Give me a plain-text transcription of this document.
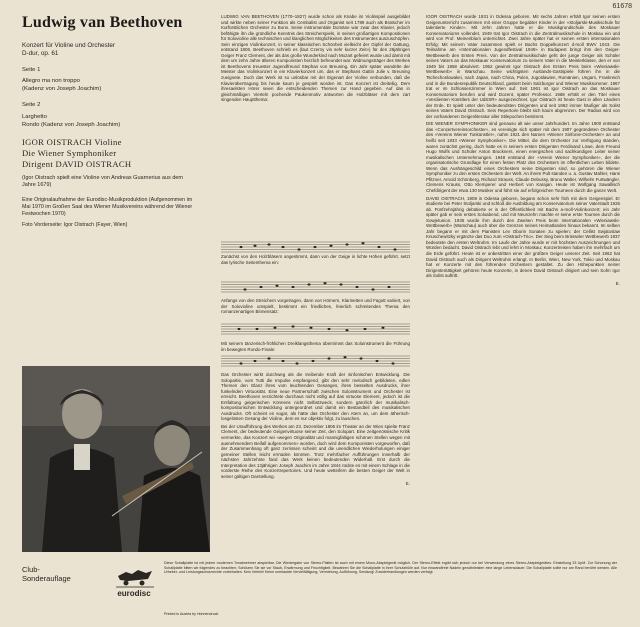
61678
Ludwig van Beethoven
Konzert für Violine und Orchester
D-dur, op. 61
Seite 1
Allegro ma non troppo
(Kadenz von Joseph Joachim)
Seite 2
Larghetto
Rondo (Kadenz von Joseph Joachim)
IGOR OISTRACH Violine
Die Wiener Symphoniker
Dirigent DAVID OISTRACH
(Igor Oistrach spielt eine Violine von Andreas Guarnerius aus dem Jahre 1679)
Eine Originalaufnahme der Eurodisc-Musikproduktion (Aufgenommen im Mai 1970 im Großen Saal des Wiener Musikvereins während der Wiener Festwochen 1970)
Foto Vorderseite: Igor Oistrach (Fayer, Wien)
LUDWIG VAN BEETHOVEN (1770–1827) wurde schon als Knabe im Violinspiel ausgebildet und wirkte neben seiner Funktion als Cembalist und Organist seit 1789 auch als Bratscher im Kurfürstlichen Orchester zu Bonn. Seine instrumentale Domäne war zwar das Klavier, jedoch befähigte ihn die gründliche Kenntnis des Streicherspiels, in seinen großartigen Kompositionen für Soloviolinе alle technischen und klanglichen Möglichkeiten des Instrumentes auszuschöpfen. Sein einziges Violinkonzert, in seiner klassischen Schönheit vielleicht der Gipfel der Gattung, entstand 1806. Beethoven schrieb es (laut Czerny vin sehr kurzer Zeit») für den 26jährigen Geiger Franz Clement, der als das große Wunderkind nach Mozart gefeiert wurde und damit mit dem um zehn Jahre älteren Komponisten herzlich befreundet war. Widmungsträger des Werkes ist Beethovens treuester Jugendfreund Stephan von Breuning. Ein Jahr später wandelte der Meister das Violinkonzert in ein Klavierkonzert um, das er Stephans Gattin Julie v. Breuning zueignete. Doch das Werk ist so unlösbar mit der Eigenart der Violine verbunden, daß die Klavierübertragung bis heute kaum je gespielt worden ist. Das Konzert ist dreiteilig. Dem ihresaelsten Hörer seien die entscheidenden Themen zur Hand gegeben. Auf das in gleichmäßigen Vierteln pochende Paukenmotiv antworten die Holzbläser mit dem zart singenden Hauptthema:
Zunächst von den Holzbläsern angestimmt, dann von der Geige in lichte Höhen geführt, setzt das lyrische Seitenthema ein:
Anfangs von den Streichern vorgetragen, dann von Hörnern, Klarinetten und Fagott variiert, von der Soloviolinе umspielt, bestimmt ein friedliches, feierlich schreitendes Thema den romanzenartigen Binnensatz:
Mit seinem tänzerisch-fröhlichen Dreiklangsthema übernimmt das Soloinstrument die Führung im bewegten Rondo-Finale:

Das Orchester wirkt durchweg als die treibende Kraft der sinfonischen Entwicklung. Die Solopartie, vom Tutti die Impulse empfangend, gibt den sehr melodisch gebildeten, edlen Themen den Glanz ihres vom leuchtenden Gesanges, ihres besselten Ausdrucks, ihrer funkelnden Virtuosität. Eine neue Partnerschaft zwischen Soloinstrument und Orchester ist erreicht. Beethoven verzichtete durchaus nicht völlig auf das virtuose Element, jedoch ist die Entfaltung geigerischen Könnens nicht Selbstzweck, sondern gänzlich der musikalisch-kompositorischen Entwicklung untergeordnet und damit ein Bestandteil des musikalischen Ausdrucks. Oft scheint es sogar, als hätte das Orchester den Atem an, um dem ätherisch-losgelösten Gesang der Violine, dem es nur objektiv folgt, zu lauschen.

Bei der Uraufführung des Werkes am 23. Dezember 1806 im Theater an der Wien spielte Franz Clement, der bedeutende Geigenvirtuose seiner Zeit, den Solopart. Eine zeitgenössische Kritik vermerkte, das Konzert sei «wegen Originalität und mannigfaltigen schönen Stellen wegen mit ausnehmendem Beifall aufgenommen» worden, doch wird dem Komponisten vorgeworfen, daß der Zusammenhang oft ganz zerrissen scheint und die unendlichen Wiederholungen einiger gemeiner Stellen leicht ermüden könnten. Trotz mehrfacher Aufführungen innerhalb der nächsten Jahrzehnte fand das Werk keinen bedeutenden Widerhall. Erst durch die Interpretation des 13jährigen Joseph Joachim im Jahre 1844 rückte es mit einem Schlage in die vorderste Reihe des Konzertrepertoires. Und heute wetteifern die besten Geiger der Welt in seiner gültigen Darstellung.

E.

IGOR OISTRACH wurde 1931 in Odessa geboren. Mit sechs Jahren erhält Igor seinen ersten Geigenunterricht zusammen mit einer Gruppe begabter Kinder in der «Stoljarski-Musikschule für talentierte Kinder». Mit zehn Jahren hatte er die Musikgrundschule des Moskauer Konservatoriums vollendet, 1949 trat Igor Oistrach in die Zentralmusikschule in Moskau ein und wird von Prof. Meinenblum unterrichtet. Zwei Jahre später hat er seinen ersten internationalen Erfolg: Mit seinem Vater zusammen spielt er Bachs Doppelkonzert d-moll BWV 1043. Die Teilnahme am «Internationalen Jugendfestival 1949» in Budapest bringt ihm den Geiger-Wettbewerb den Ersten Preis. Von der Zentralmusikschule geht der junge Geiger als Schüler seines Vaters an das Moskauer Konservatorium zu seinem Vater in die Meisterklasse, den er von 1949 bis 1958 absolviert. 1952 gewinnt Igor Oistrach den Ersten Preis beim «Wieniawski-Wettbewerb» in Warschau. Seine wichtigsten Auslands-Gastspiele führen ihn in die Tschechoslowakei, nach Japan, nach China, Polen, Jugoslawien, Rumänien, Ungarn, Frankreich und in die Bundesrepublik Deutschland, gastiert beim Salzburger und Wiener Musiksommer. 1967 trat er im Schlossenzimmer in Wien auf. Seit 1961 ist Igor Oistrach an das Moskauer Konservatorium berufen und wird Dozent, später Professor. 1968 erhält er den Titel eines «Verdienten Künstlers der UdSSR» ausgezeichnet. Igor Oistrach ist heute Gast in allen Ländern der Erde. Er spielt unter den bedeutendsten Dirigenten und seit 1962 immer häufiger als Solist seines Vaters David Oistrach. Sein Repertoire bleibt sich kaum abgrenzen. Der Radius wird von der vorhandenen Geigenliteratur aller Stilepochen bestimmt.

DIE WIENER SYMPHONIKER sind genauso alt wie unser Jahrhundert. Im Jahre 1900 entstand das «Concertvereinsorchester», es vereinigte sich später mit dem 1907 gegründeten Orchester des «Vereins Wiener Tonkünstler», nahm 1921 den Namen «Wiener Sinfonie-Orchester» an und heißt seit 1933 «Wiener Symphoniker». Die Mittel, die dem Orchester zur Verfügung standen, waren zunächst gering, doch hatte es in seinem ersten Dirigenten Ferdinand Löwe, dem Freund Hugo Wolfs und Schüler Anton Bruckners, einen energischen und sachkundigen Leiter seiner musikalischen Unternehmungen. 1948 entstand der «Verein Wiener Symphoniker», der die organisatorische Grundlage für einen festen Platz des Orchesters im öffentlichen Leben bildete. Wenn das Aushängeschild eines Orchesters seine Dirigenten sind, so gehören die Wiener Symphoniker zu den ersten Orchestern der Welt. An ihrem Pult standen u. a. Gustav Mahler, Hans Pfitzner, Arnold Schönberg, Richard Strauss, Claude Debussy, Bruno Walter, Wilhelm Furtwängler, Clemens Krauss, Otto Klemperer und Herbert von Karajan. Heute ist Wolfgang Sawallisch Chefdirigent der etwa 130 Musiker und führt sie auf erfolgreichen Tourneen durch die ganze Welt.

DAVID OISTRACH, 1908 in Odessa geboren, begann schon sehr früh mit dem Geigenspiel. Er studierte bei Peter Stoljarski und schloß die Ausbildung am Konservatorium seiner Vaterstadt 1926 ab. Fünfzehnjährig debütierte er in der Öffentlichkeit mit Bachs a-moll-Violinkonzert; ein Jahr später gab er sein erstes Soloabend, und mit Neunzehn machte er seine erste Tournee durch die Sowjetunion. 1935 wurde ihm durch den Zweiten Preis beim Internationalen «Wieniawski-Wettbewerb» (Warschau) auch über die Grenzen seines Heimatlandes hinaus bekannt. Im selben Jahr begann er mit dem Pianisten Lev Oborin Sonaten zu spielen; der Cellist Swjatoslaw Knuschewitzky ergänzte das Duo zum «Oistrach-Trio». Der Sieg beim Brüsseler Wettbewerb 1937 bedeutete den ersten Weltruhm. Im Laufe der Jahre wurde er mit höchsten Auszeichnungen und Würden bedacht. David Oistrach lebt und lehrt in Moskau; Konzertreisen haben ihn mehrfach um die Erde geführt. Heute ist er unbestritten einer der größten Geiger unserer Zeit. Seit 1962 hat David Oistrach auch als Dirigent Weltruhm erlangt. In Berlin, Wien, New York, Tokio und Moskau hat er Konzerte mit den führenden Orchestern gestaltet. Zu den Höhepunkten seiner Dirigententätigkeit gehören heute Konzerte, in denen David Oistrach dirigiert und sein Sohn Igor als Solist auftritt.

E.

Club-
Sonderauflage
eurodisc
Diese Schallplatte ist mit jedem modernen Tonabnehmer abspielbar. Die Wiedergabe von Stereo-Platten ist auch mit einem Mono-Abspielgerät möglich. Der Stereo-Effekt ergibt sich jedoch nur bei Verwendung eines Stereo-Abspielgerätes. Einstellung 33 UpM. Zur Schonung der Schallplatte bitten wir folgendes zu beachten: Schützen Sie sie vor Staub, Erwärmung und Feuchtigkeit. Bewahren Sie die Schallplatte in ihrer Schutzhülle auf. Nur einwandfreie Nadeln gewährleisten eine lange Lebensdauer. Die Schallplatte sollte nur am Rand berührt werden. Alle Urheber- und Leistungsschutzrechte vorbehalten. Kein Verleih! Keine unerlaubte Vervielfältigung, Vermietung, Aufführung, Sendung! Zuwiderhandlungen werden verfolgt.
Printed in Austria by Hohnendruck
